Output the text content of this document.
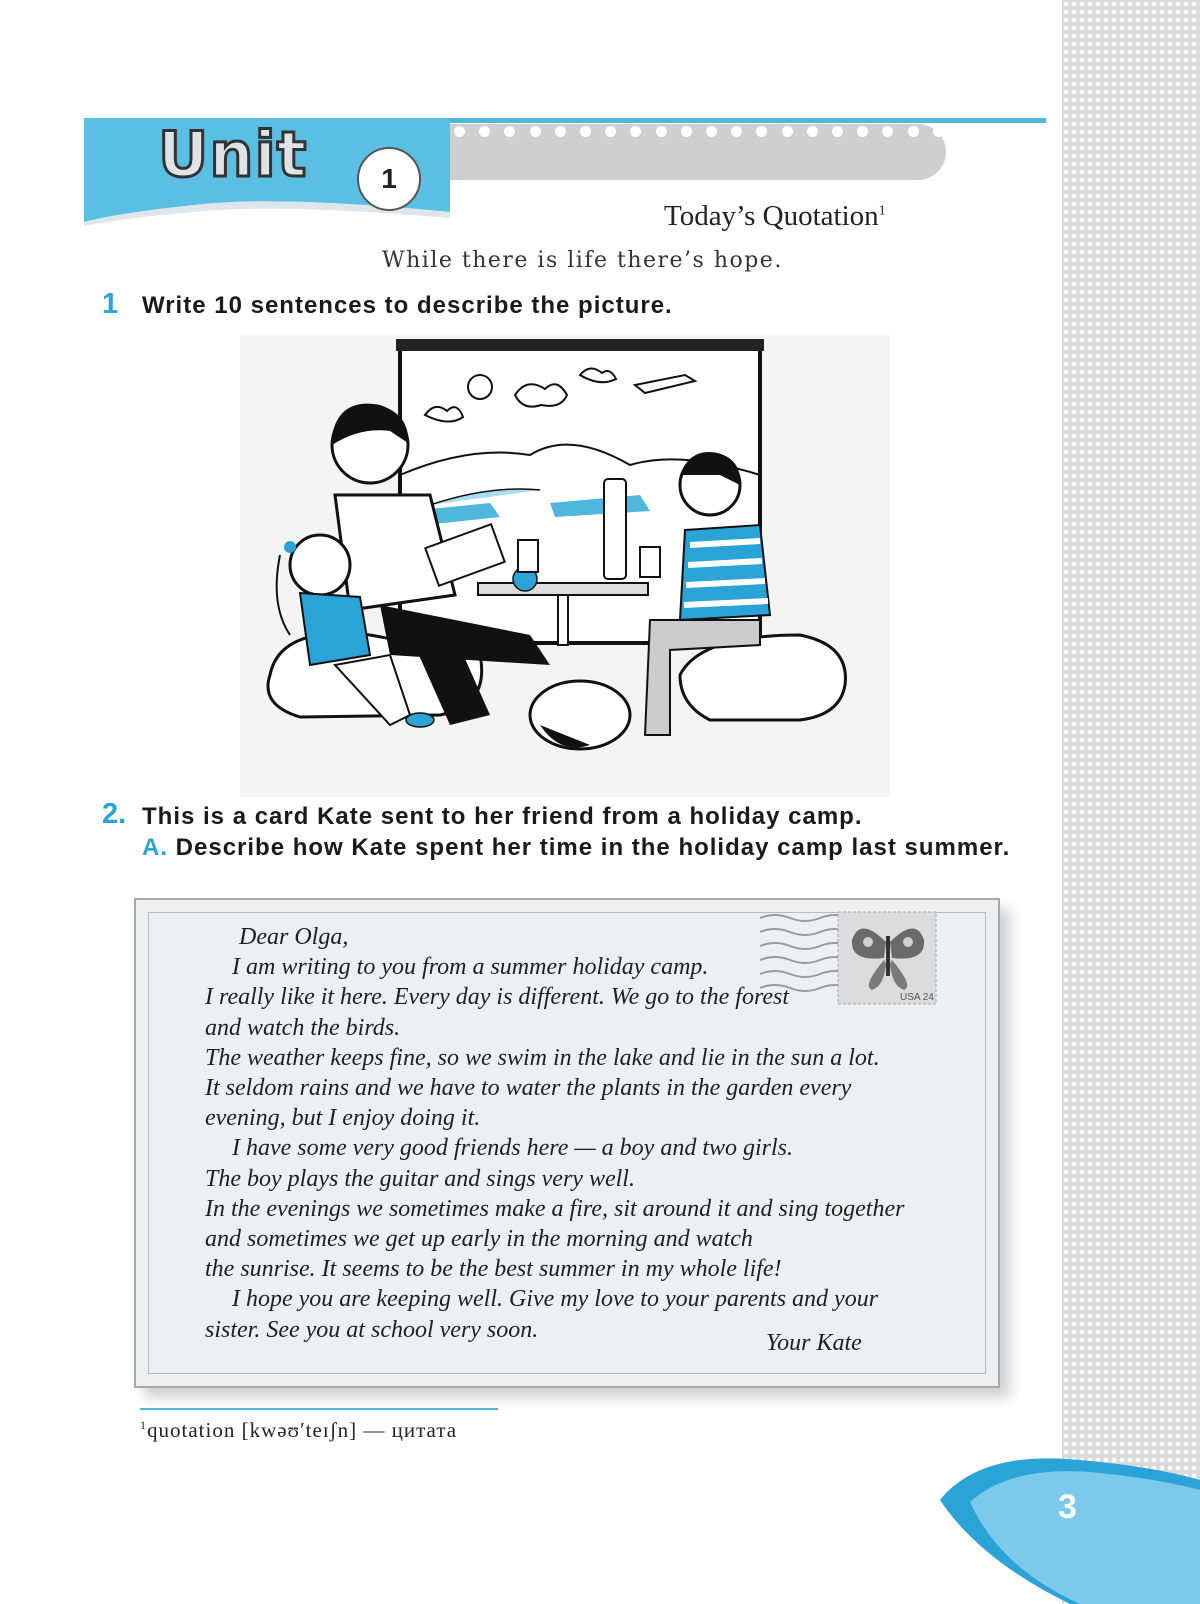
Unit	1
Today’s Quotation$^1$
While there is life there’s hope.
1 Write 10 sentences to describe the picture.
2. This is a card Kate sent to her friend from a holiday camp.
A. Describe how Kate spent her time in the holiday camp last summer.
USA 24
Dear Olga,
I am writing to you from a summer holiday camp.
I really like it here. Every day is different. We go to the forest
and watch the birds.
The weather keeps fine, so we swim in the lake and lie in the sun a lot.
It seldom rains and we have to water the plants in the garden every
evening, but I enjoy doing it.
I have some very good friends here — a boy and two girls.
The boy plays the guitar and sings very well.
In the evenings we sometimes make a fire, sit around it and sing together
and sometimes we get up early in the morning and watch
the sunrise. It seems to be the best summer in my whole life!
I hope you are keeping well. Give my love to your parents and your
sister. See you at school very soon.
Your Kate
$^1$quotation [kwəʊ′teɪʃn] — цитата
3
